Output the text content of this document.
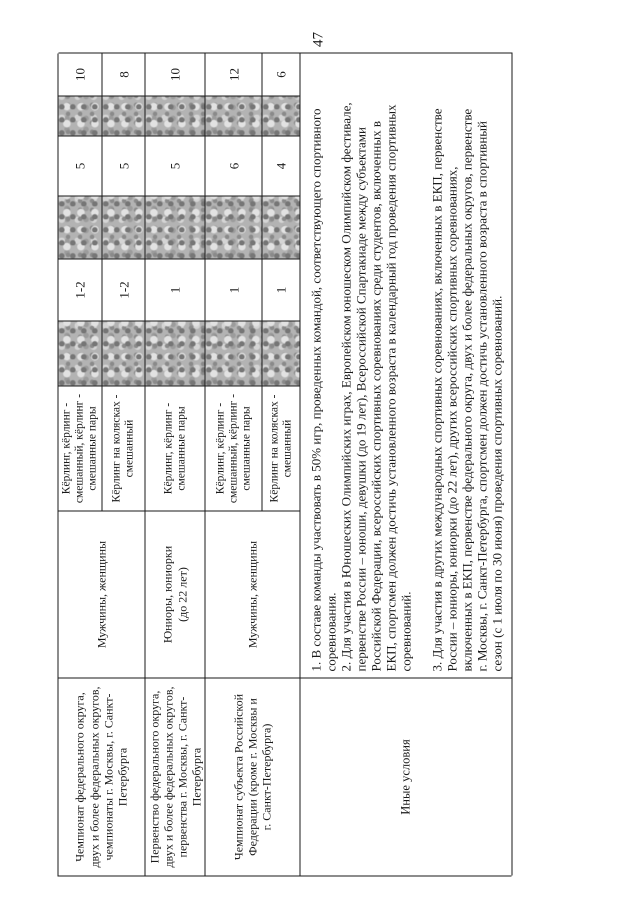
47
Чемпионат федерального округа, двух и более федеральных округов, чемпионаты г. Москвы, г. Санкт- Петербурга
Мужчины, женщины
Кёрлинг, кёрлинг - смешанный, кёрлинг - смешанные пары
1-2
5
10
Кёрлинг на колясках - смешанный
1-2
5
8
Первенство федерального округа, двух и более федеральных округов, первенства г. Москвы, г. Санкт- Петербурга
Юниоры, юниорки (до 22 лет)
Кёрлинг, кёрлинг - смешанные пары
1
5
10
Чемпионат субъекта Российской Федерации (кроме г. Москвы и г. Санкт-Петербурга)
Мужчины, женщины
Кёрлинг, кёрлинг - смешанный, кёрлинг - смешанные пары
1
6
12
Кёрлинг на колясках - смешанный
1
4
6
Иные условия
1. В составе команды участвовать в 50% игр, проведенных командой, соответствующего спортивного соревнования. 2. Для участия в Юношеских Олимпийских играх, Европейском юношеском Олимпийском фестивале, первенстве России – юноши, девушки (до 19 лет), Всероссийской Спартакиаде между субъектами Российской Федерации, всероссийских спортивных соревнованиях среди студентов, включенных в ЕКП, спортсмен должен достичь установленного возраста в календарный год проведения спортивных соревнований. 3. Для участия в других международных спортивных соревнованиях, включенных в ЕКП, первенстве России – юниоры, юниорки (до 22 лет), других всероссийских спортивных соревнованиях, включенных в ЕКП, первенстве федерального округа, двух и более федеральных округов, первенстве г. Москвы, г. Санкт-Петербурга, спортсмен должен достичь установленного возраста в спортивный сезон (с 1 июля по 30 июня) проведения спортивных соревнований.
